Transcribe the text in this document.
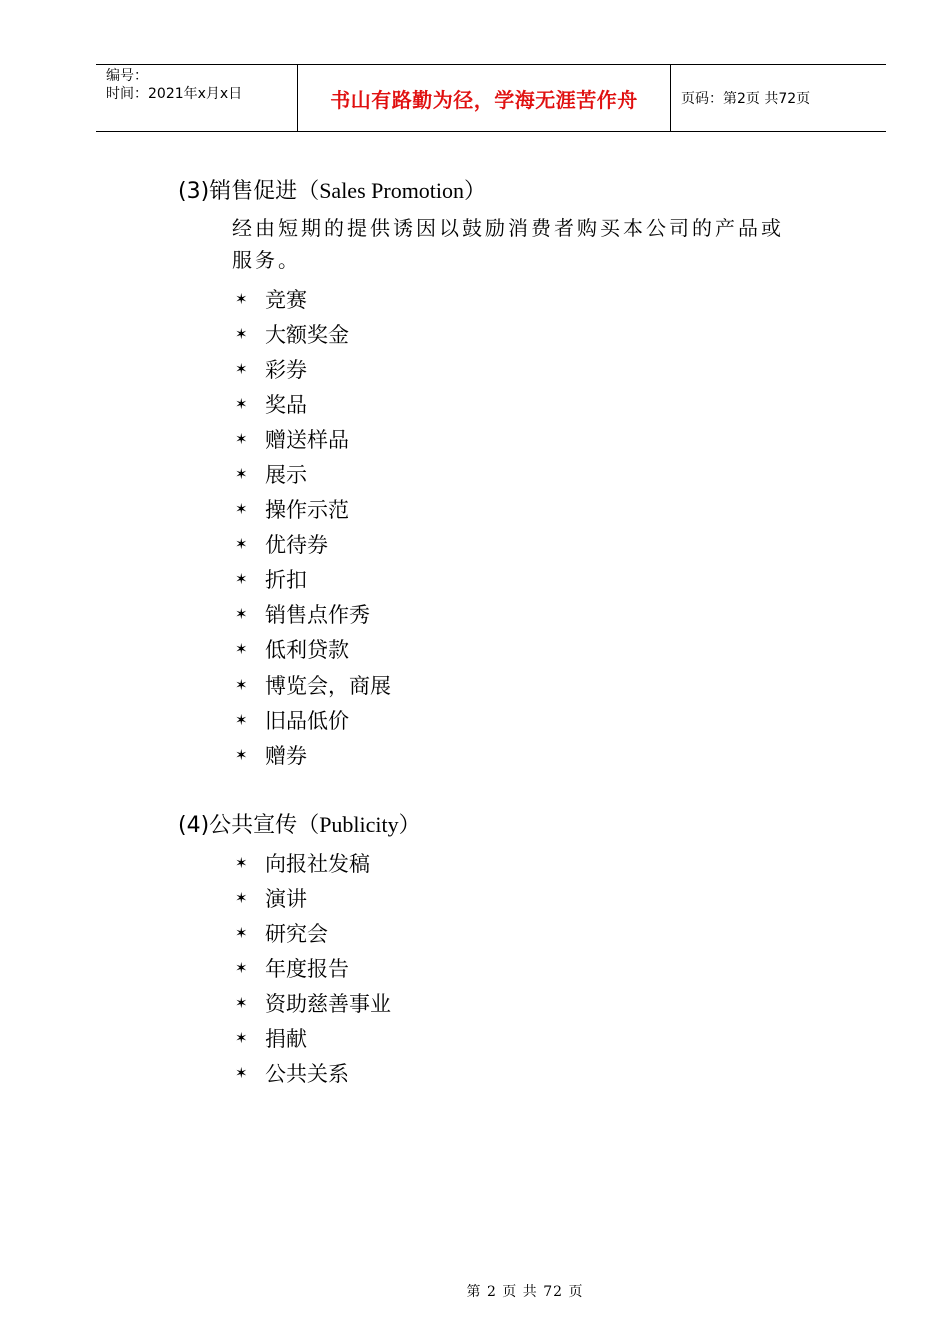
编号：
时间：2021年x月x日	书山有路勤为径，学海无涯苦作舟	页码：第2页 共72页
(3)销售促进（Sales Promotion）
经由短期的提供诱因以鼓励消费者购买本公司的产品或服务。
✶ 竞赛
✶ 大额奖金
✶ 彩券
✶ 奖品
✶ 赠送样品
✶ 展示
✶ 操作示范
✶ 优待券
✶ 折扣
✶ 销售点作秀
✶ 低利贷款
✶ 博览会，商展
✶ 旧品低价
✶ 赠券
(4)公共宣传（Publicity）
✶ 向报社发稿
✶ 演讲
✶ 研究会
✶ 年度报告
✶ 资助慈善事业
✶ 捐献
✶ 公共关系
第 2 页 共 72 页
